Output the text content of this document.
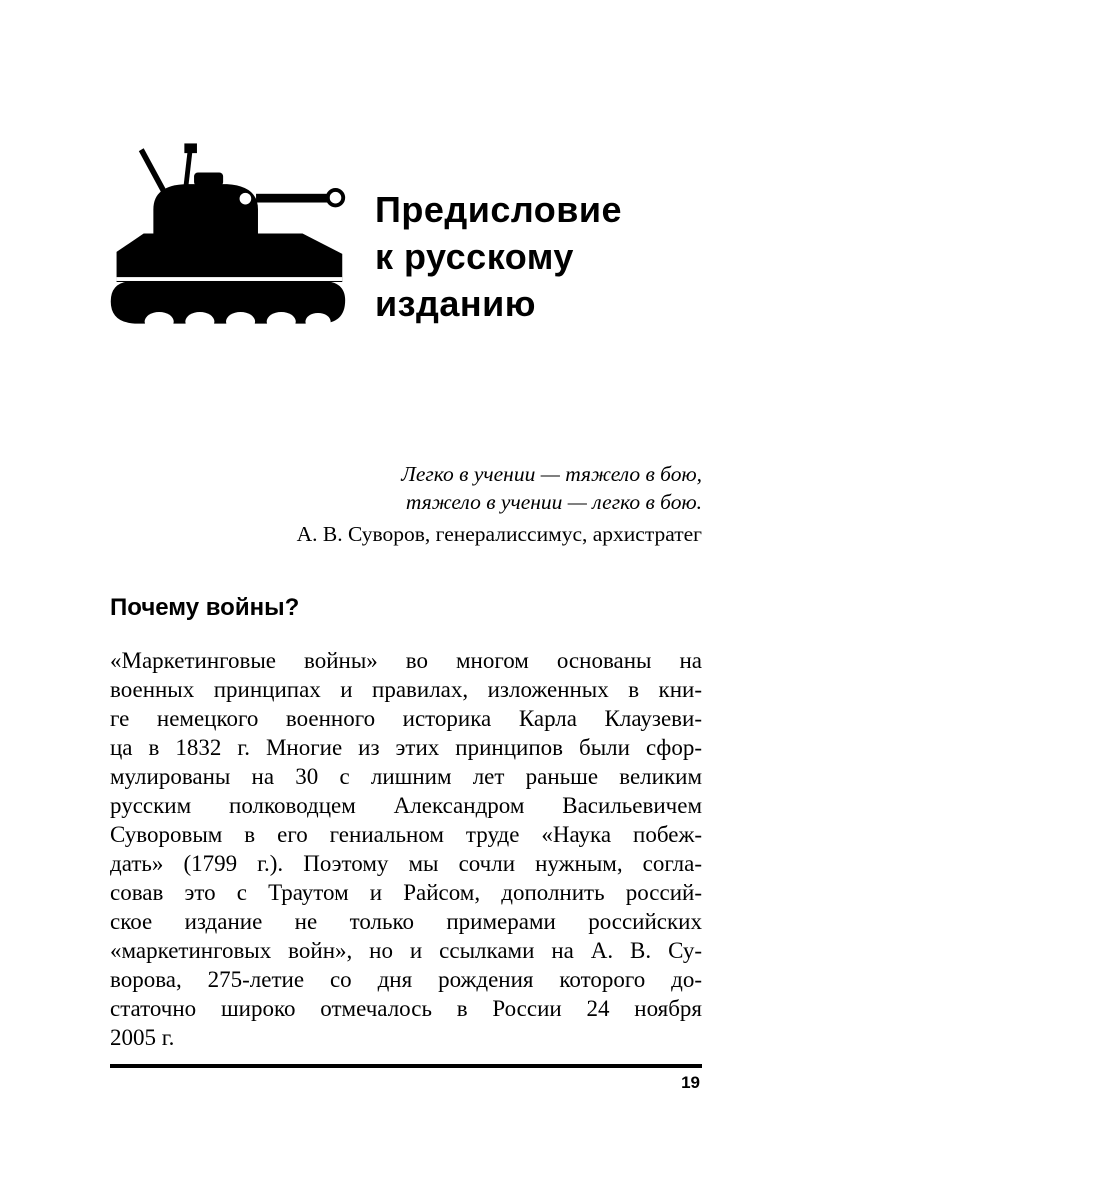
Предисловие
к русскому
изданию
Легко в учении — тяжело в бою,
тяжело в учении — легко в бою.
А. В. Суворов, генералиссимус, архистратег
Почему войны?
«Маркетинговые войны» во многом основаны на
военных принципах и правилах, изложенных в кни-
ге немецкого военного историка Карла Клаузеви-
ца в 1832 г. Многие из этих принципов были сфор-
мулированы на 30 с лишним лет раньше великим
русским полководцем Александром Васильевичем
Суворовым в его гениальном труде «Наука побеж-
дать» (1799 г.). Поэтому мы сочли нужным, согла-
совав это с Траутом и Райсом, дополнить россий-
ское издание не только примерами российских
«маркетинговых войн», но и ссылками на А. В. Су-
ворова, 275-летие со дня рождения которого до-
статочно широко отмечалось в России 24 ноября
2005 г.
19
